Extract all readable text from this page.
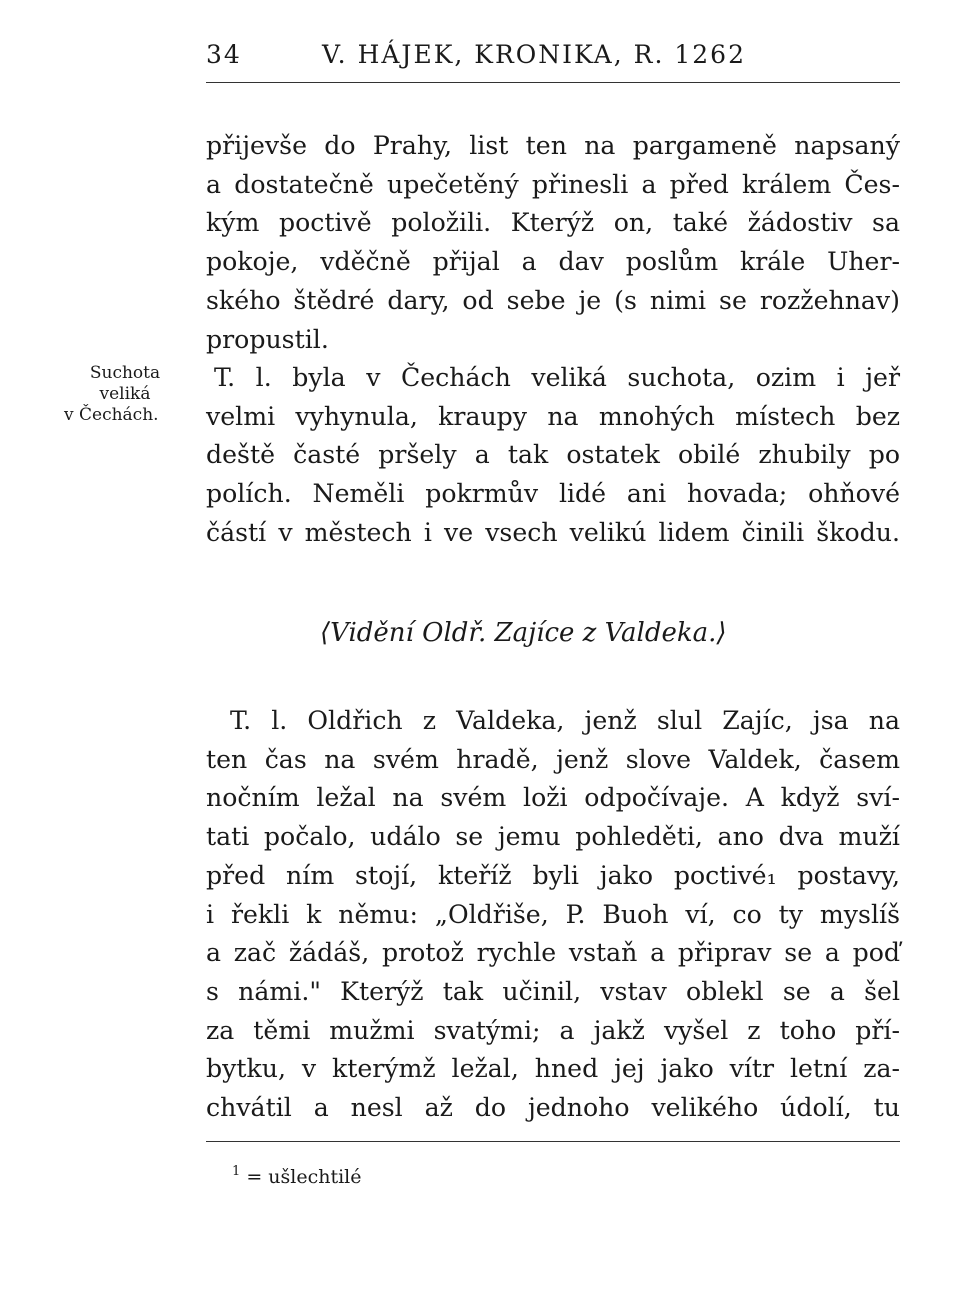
34	V. HÁJEK, KRONIKA, R. 1262
přijevše do Prahy, list ten na pargameně napsaný
a dostatečně upečetěný přinesli a před králem Čes-
kým poctivě položili. Kterýž on, také žádostiv sa
pokoje, vděčně přijal a dav poslům krále Uher-
ského štědré dary, od sebe je (s nimi se rozžehnav)
propustil.
Suchota
veliká
v Čechách.
T. l. byla v Čechách veliká suchota, ozim i jeř
velmi vyhynula, kraupy na mnohých místech bez
deště časté pršely a tak ostatek obilé zhubily po
polích. Neměli pokrmův lidé ani hovada; ohňové
částí v městech i ve vsech velikú lidem činili škodu.
⟨Vidění Oldř. Zajíce z Valdeka.⟩
T. l. Oldřich z Valdeka, jenž slul Zajíc, jsa na
ten čas na svém hradě, jenž slove Valdek, časem
nočním ležal na svém loži odpočívaje. A když sví-
tati počalo, událo se jemu pohleděti, ano dva muží
před ním stojí, kteříž byli jako poctivé₁ postavy,
i řekli k němu: „Oldřiše, P. Buoh ví, co ty myslíš
a zač žádáš, protož rychle vstaň a připrav se a poď
s námi." Kterýž tak učinil, vstav oblekl se a šel
za těmi mužmi svatými; a jakž vyšel z toho pří-
bytku, v kterýmž ležal, hned jej jako vítr letní za-
chvátil a nesl až do jednoho velikého údolí, tu
$^1$ = ušlechtilé
